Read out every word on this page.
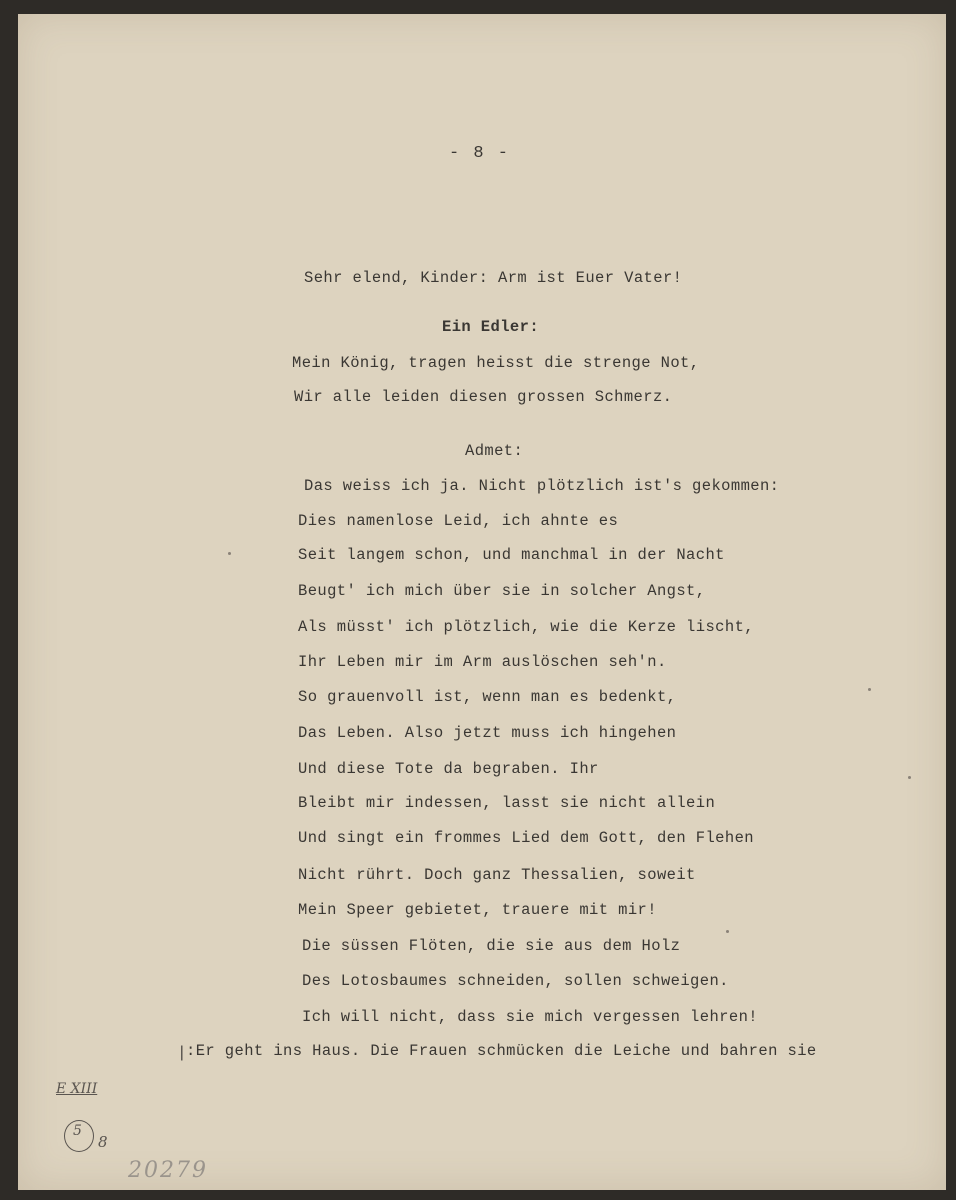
- 8 -
Sehr elend, Kinder: Arm ist Euer Vater!
Ein Edler:
Mein König, tragen heisst die strenge Not,
Wir alle leiden diesen grossen Schmerz.
Admet:
Das weiss ich ja. Nicht plötzlich ist's gekommen:
Dies namenlose Leid, ich ahnte es
Seit langem schon, und manchmal in der Nacht
Beugt' ich mich über sie in solcher Angst,
Als müsst' ich plötzlich, wie die Kerze lischt,
Ihr Leben mir im Arm auslöschen seh'n.
So grauenvoll ist, wenn man es bedenkt,
Das Leben. Also jetzt muss ich hingehen
Und diese Tote da begraben. Ihr
Bleibt mir indessen, lasst sie nicht allein
Und singt ein frommes Lied dem Gott, den Flehen
Nicht rührt. Doch ganz Thessalien, soweit
Mein Speer gebietet, trauere mit mir!
Die süssen Flöten, die sie aus dem Holz
Des Lotosbaumes schneiden, sollen schweigen.
Ich will nicht, dass sie mich vergessen lehren!
:Er geht ins Haus. Die Frauen schmücken die Leiche und bahren sie
|
E XIII
5
8
20279
